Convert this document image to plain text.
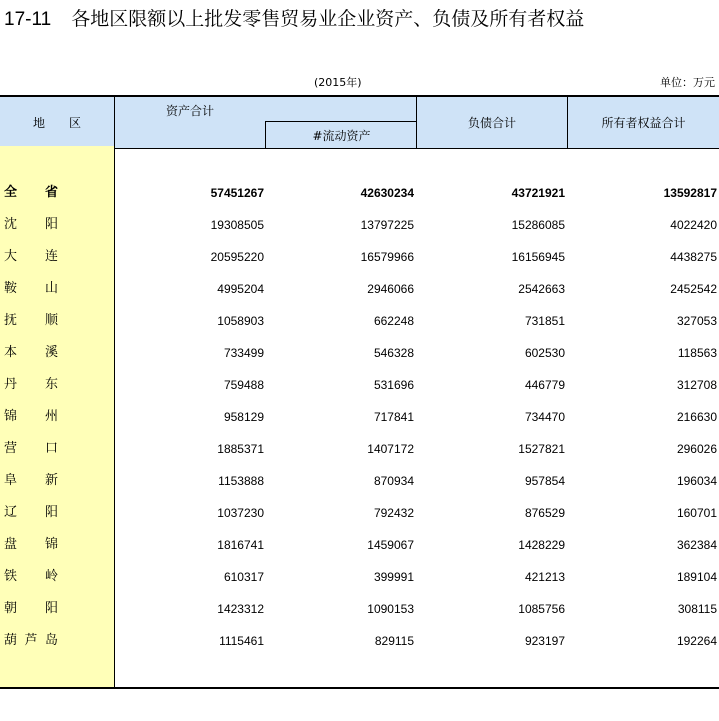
17-11 各地区限额以上批发零售贸易业企业资产、负债及所有者权益
(2015年)	单位：万元
地　　区
资产合计
#流动资产
负债合计	所有者权益合计
全 省	57451267	42630234	43721921	13592817
沈 阳	19308505	13797225	15286085	4022420
大 连	20595220	16579966	16156945	4438275
鞍 山	4995204	2946066	2542663	2452542
抚 顺	1058903	662248	731851	327053
本 溪	733499	546328	602530	118563
丹 东	759488	531696	446779	312708
锦 州	958129	717841	734470	216630
营 口	1885371	1407172	1527821	296026
阜 新	1153888	870934	957854	196034
辽 阳	1037230	792432	876529	160701
盘 锦	1816741	1459067	1428229	362384
铁 岭	610317	399991	421213	189104
朝 阳	1423312	1090153	1085756	308115
葫 芦 岛	1115461	829115	923197	192264
